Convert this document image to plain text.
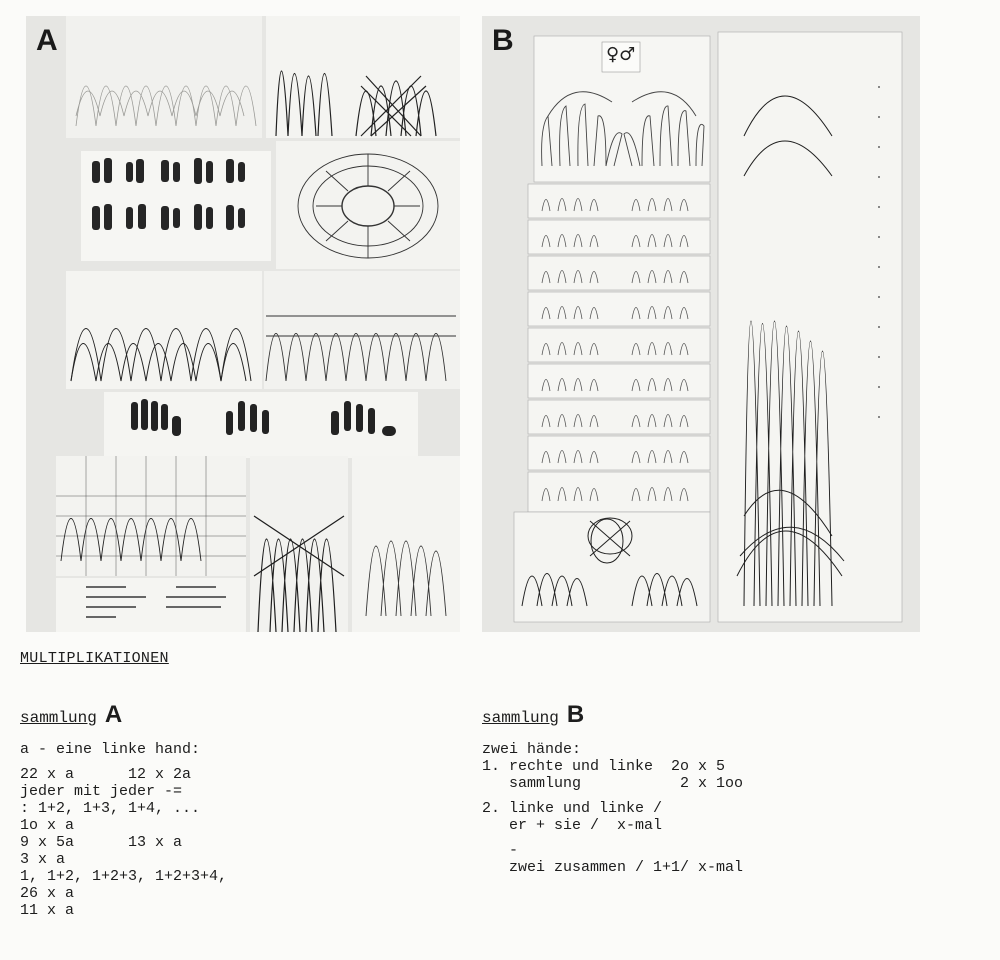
A	B	♀♂
MULTIPLIKATIONEN
sammlung A
a - eine linke hand:
22 x a      12 x 2a
jeder mit jeder -=
: 1+2, 1+3, 1+4, ...
1o x a
9 x 5a      13 x a
3 x a
1, 1+2, 1+2+3, 1+2+3+4,
26 x a
11 x a
sammlung B
zwei hände:
1. rechte und linke  2o x 5
sammlung           2 x 1oo
2. linke und linke /
er + sie /  x-mal
-
zwei zusammen / 1+1/ x-mal
